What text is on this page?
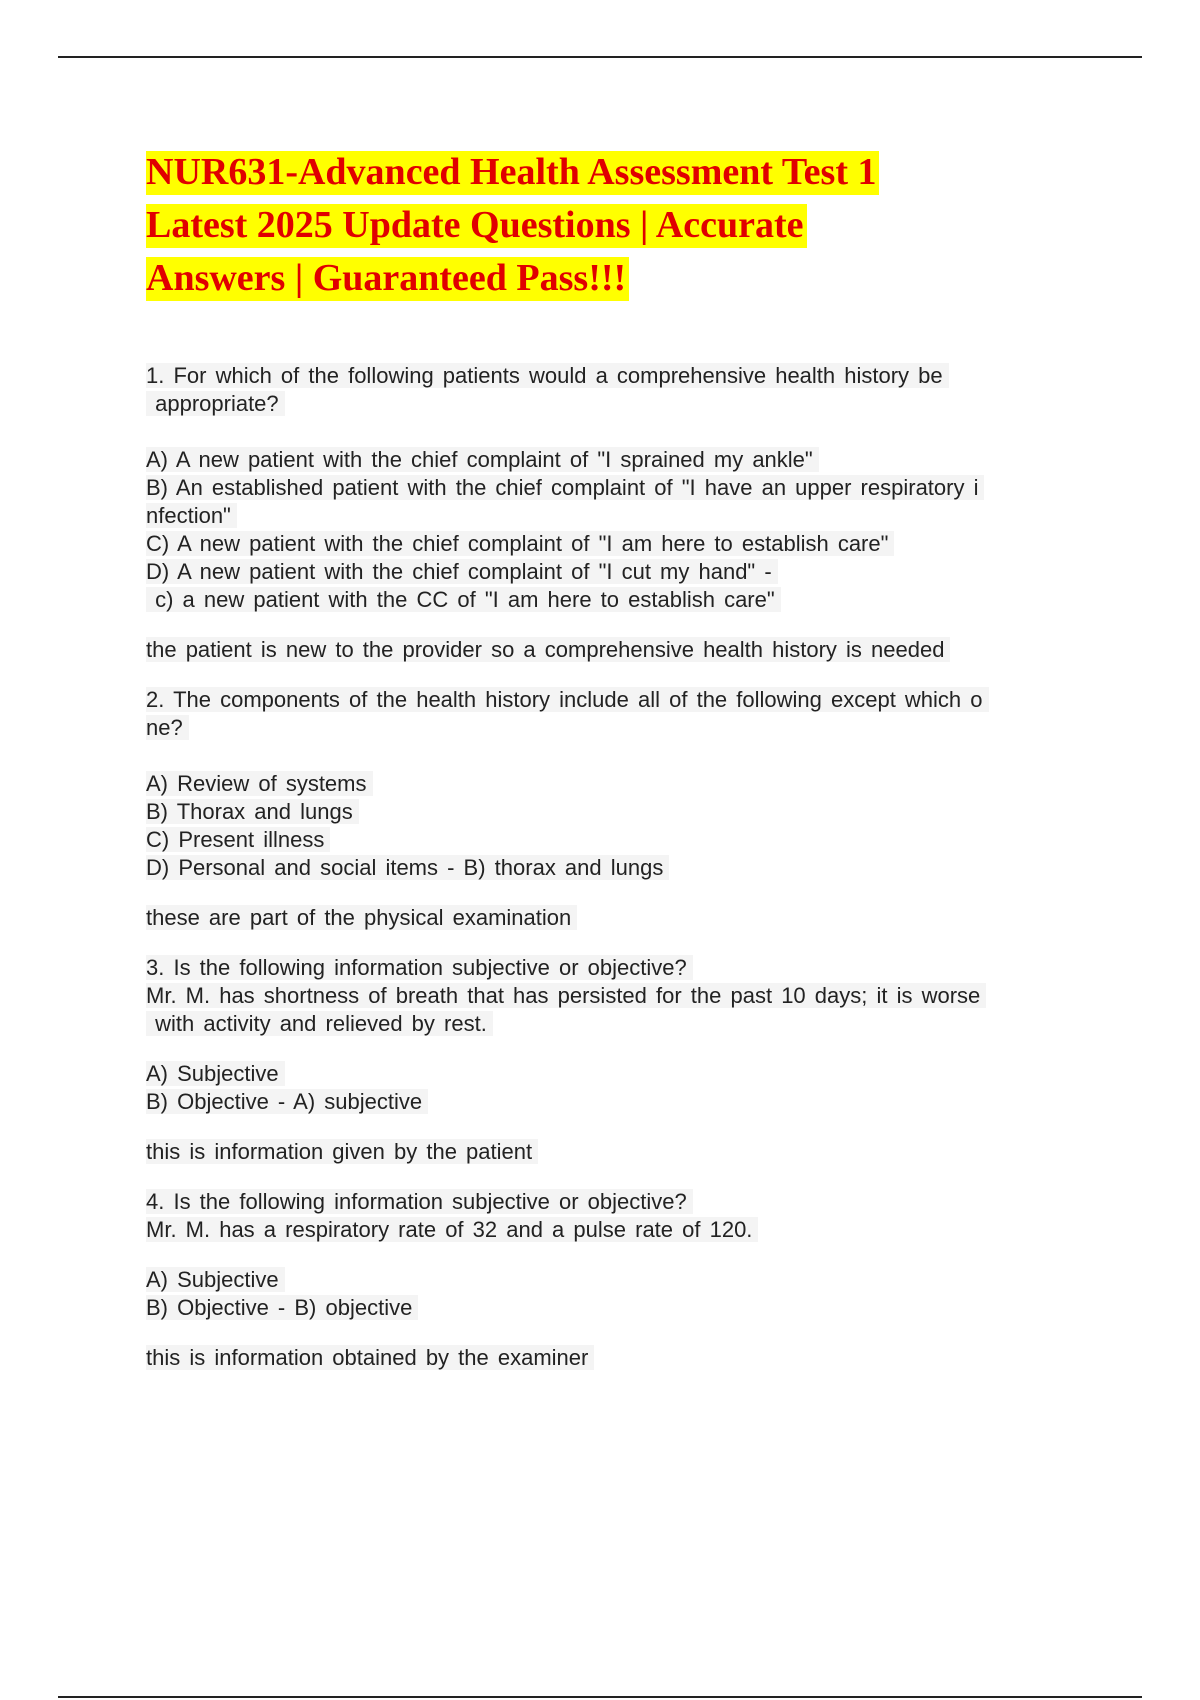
NUR631-Advanced Health Assessment Test 1
Latest 2025 Update Questions | Accurate
Answers | Guaranteed Pass!!!
1. For which of the following patients would a comprehensive health history be
appropriate?
A) A new patient with the chief complaint of "I sprained my ankle"
B) An established patient with the chief complaint of "I have an upper respiratory i
nfection"
C) A new patient with the chief complaint of "I am here to establish care"
D) A new patient with the chief complaint of "I cut my hand" -
c) a new patient with the CC of "I am here to establish care"
the patient is new to the provider so a comprehensive health history is needed
2. The components of the health history include all of the following except which o
ne?
A) Review of systems
B) Thorax and lungs
C) Present illness
D) Personal and social items - B) thorax and lungs
these are part of the physical examination
3. Is the following information subjective or objective?
Mr. M. has shortness of breath that has persisted for the past 10 days; it is worse
with activity and relieved by rest.
A) Subjective
B) Objective - A) subjective
this is information given by the patient
4. Is the following information subjective or objective?
Mr. M. has a respiratory rate of 32 and a pulse rate of 120.
A) Subjective
B) Objective - B) objective
this is information obtained by the examiner
